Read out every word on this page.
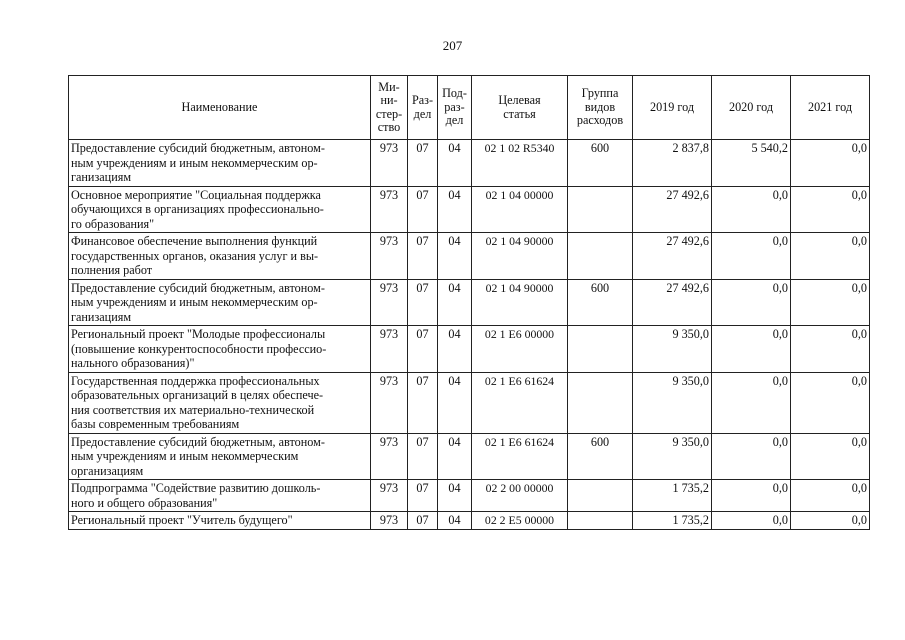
207
Наименование	Ми-
ни-
стер-
ство	Раз-
дел	Под-
раз-
дел	Целевая
статья	Группа
видов
расходов	2019 год	2020 год	2021 год
Предоставление субсидий бюджетным, автоном-
ным учреждениям и иным некоммерческим ор-
ганизациям	973	07	04	02 1 02 R5340	600	2 837,8	5 540,2	0,0
Основное мероприятие "Социальная поддержка
обучающихся в организациях профессионально-
го образования"	973	07	04	02 1 04 00000		27 492,6	0,0	0,0
Финансовое обеспечение выполнения функций
государственных органов, оказания услуг и вы-
полнения работ	973	07	04	02 1 04 90000		27 492,6	0,0	0,0
Предоставление субсидий бюджетным, автоном-
ным учреждениям и иным некоммерческим ор-
ганизациям	973	07	04	02 1 04 90000	600	27 492,6	0,0	0,0
Региональный проект "Молодые профессионалы
(повышение конкурентоспособности профессио-
нального образования)"	973	07	04	02 1 E6 00000		9 350,0	0,0	0,0
Государственная поддержка профессиональных
образовательных организаций в целях обеспече-
ния соответствия их материально-технической
базы современным требованиям	973	07	04	02 1 E6 61624		9 350,0	0,0	0,0
Предоставление субсидий бюджетным, автоном-
ным учреждениям и иным некоммерческим
организациям	973	07	04	02 1 E6 61624	600	9 350,0	0,0	0,0
Подпрограмма "Содействие развитию дошколь-
ного и общего образования"	973	07	04	02 2 00 00000		1 735,2	0,0	0,0
Региональный проект "Учитель будущего"	973	07	04	02 2 E5 00000		1 735,2	0,0	0,0
